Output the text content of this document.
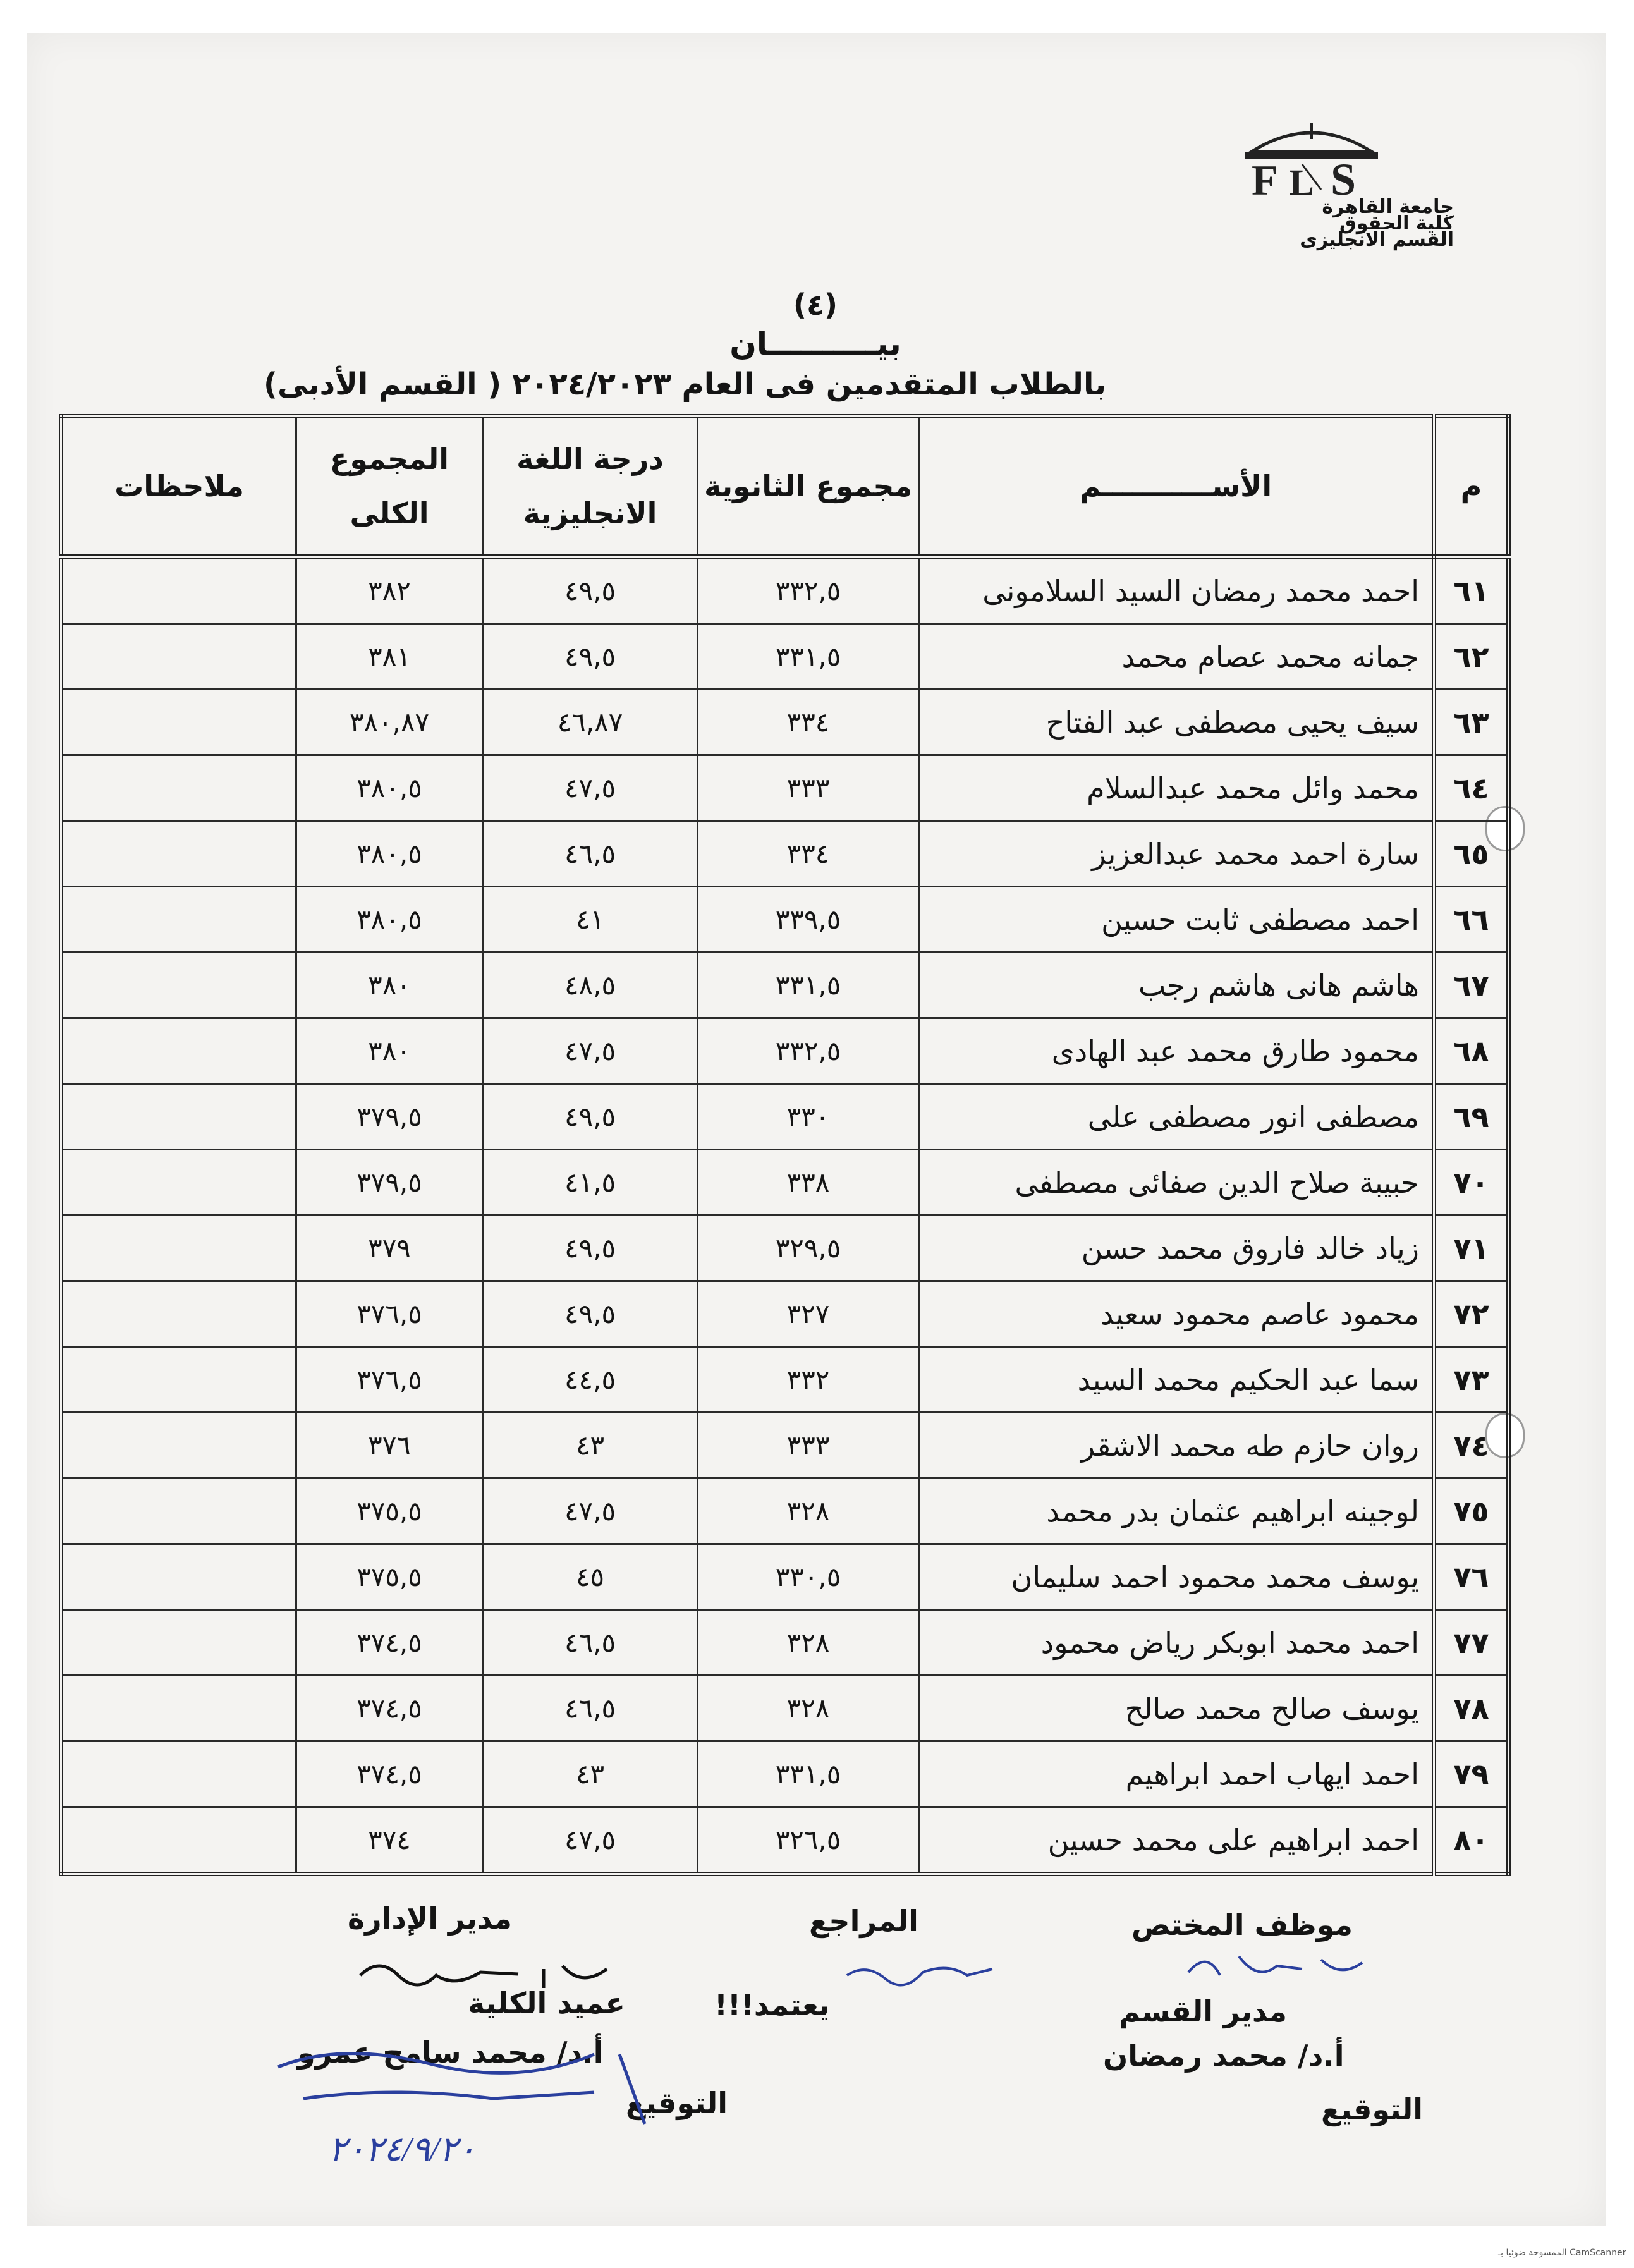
F L S
جامعة القاهرة
كلية الحقوق
القسم الانجليزى
(٤)
بيــــــــــان
بالطلاب المتقدمين فى العام ٢٠٢٤/٢٠٢٣ ( القسم الأدبى)
م	الأســـــــــــم	مجموع الثانوية	درجة اللغة الانجليزية	المجموع الكلى	ملاحظات
٦١	احمد محمد رمضان السيد السلامونى	٣٣٢,٥	٤٩,٥	٣٨٢	
٦٢	جمانه محمد عصام محمد	٣٣١,٥	٤٩,٥	٣٨١	
٦٣	سيف يحيى مصطفى عبد الفتاح	٣٣٤	٤٦,٨٧	٣٨٠,٨٧	
٦٤	محمد وائل محمد عبدالسلام	٣٣٣	٤٧,٥	٣٨٠,٥	
٦٥	سارة احمد محمد عبدالعزيز	٣٣٤	٤٦,٥	٣٨٠,٥	
٦٦	احمد مصطفى ثابت حسين	٣٣٩,٥	٤١	٣٨٠,٥	
٦٧	هاشم هانى هاشم رجب	٣٣١,٥	٤٨,٥	٣٨٠	
٦٨	محمود طارق محمد عبد الهادى	٣٣٢,٥	٤٧,٥	٣٨٠	
٦٩	مصطفى انور مصطفى على	٣٣٠	٤٩,٥	٣٧٩,٥	
٧٠	حبيبة صلاح الدين صفائى مصطفى	٣٣٨	٤١,٥	٣٧٩,٥	
٧١	زياد خالد فاروق محمد حسن	٣٢٩,٥	٤٩,٥	٣٧٩	
٧٢	محمود عاصم محمود سعيد	٣٢٧	٤٩,٥	٣٧٦,٥	
٧٣	سما عبد الحكيم محمد السيد	٣٣٢	٤٤,٥	٣٧٦,٥	
٧٤	روان حازم طه محمد الاشقر	٣٣٣	٤٣	٣٧٦	
٧٥	لوجينه ابراهيم عثمان بدر محمد	٣٢٨	٤٧,٥	٣٧٥,٥	
٧٦	يوسف محمد محمود احمد سليمان	٣٣٠,٥	٤٥	٣٧٥,٥	
٧٧	احمد محمد ابوبكر رياض محمود	٣٢٨	٤٦,٥	٣٧٤,٥	
٧٨	يوسف صالح محمد صالح	٣٢٨	٤٦,٥	٣٧٤,٥	
٧٩	احمد ايهاب احمد ابراهيم	٣٣١,٥	٤٣	٣٧٤,٥	
٨٠	احمد ابراهيم على محمد حسين	٣٢٦,٥	٤٧,٥	٣٧٤	
موظف المختص
المراجع
مدير الإدارة
مدير القسم
أ.د/ محمد رمضان
يعتمد!!!
عميد الكلية
أ.د/ محمد سامح عمرو
التوقيع	التوقيع
٢٠٢٤/٩/٢٠
CamScanner الممسوحة ضوئيا بـ
